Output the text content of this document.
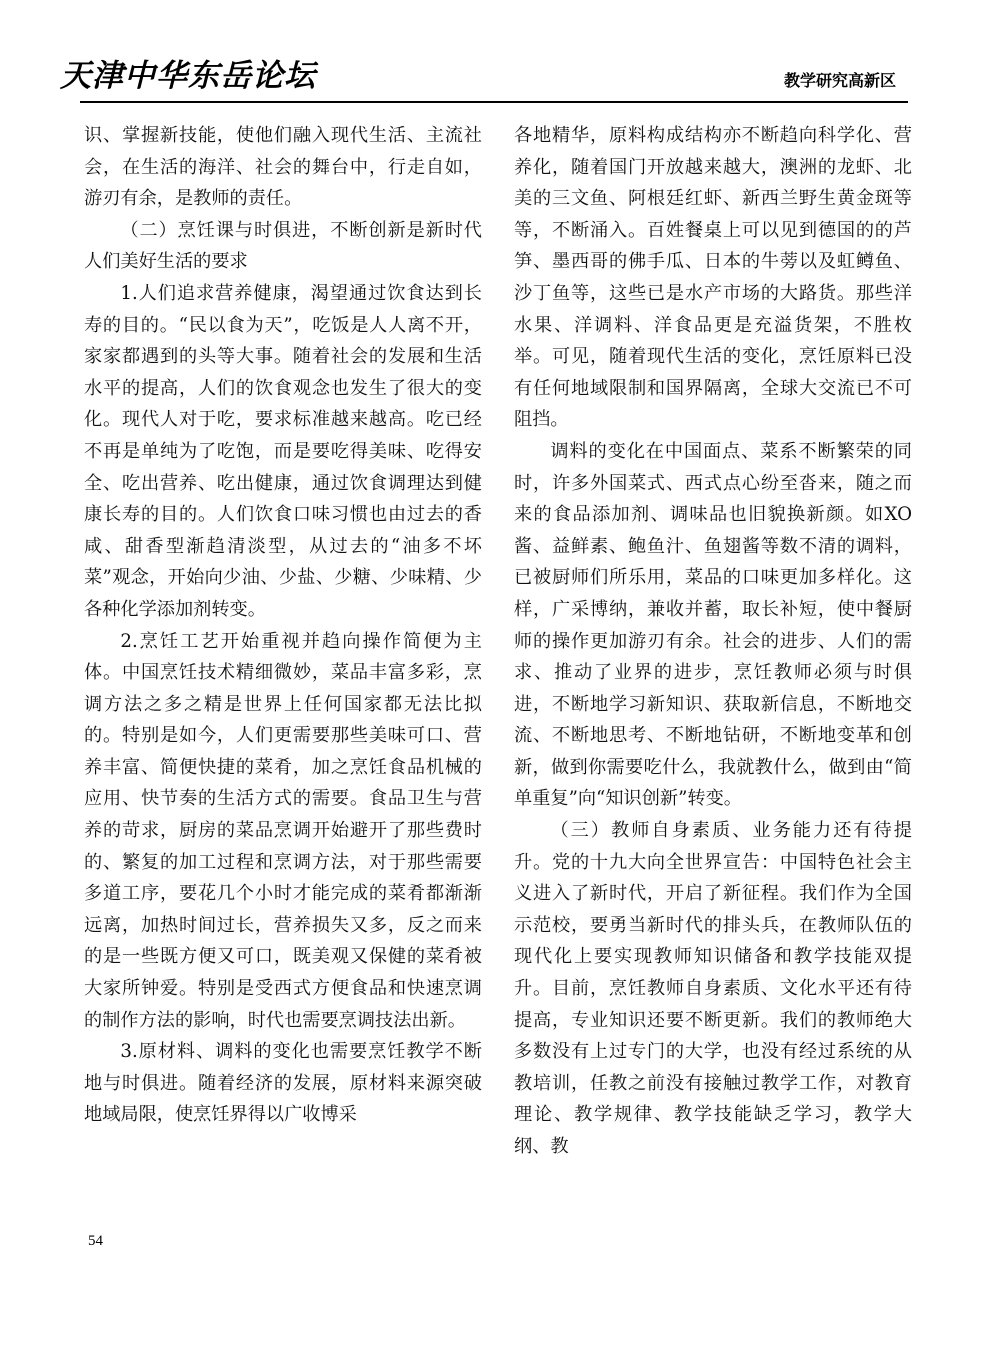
天津中华东岳论坛	教学研究高新区

识、掌握新技能，使他们融入现代生活、主流社会，在生活的海洋、社会的舞台中，行走自如，游刃有余，是教师的责任。

（二）烹饪课与时俱进，不断创新是新时代人们美好生活的要求

1.人们追求营养健康，渴望通过饮食达到长寿的目的。“民以食为天”，吃饭是人人离不开，家家都遇到的头等大事。随着社会的发展和生活水平的提高，人们的饮食观念也发生了很大的变化。现代人对于吃，要求标准越来越高。吃已经不再是单纯为了吃饱，而是要吃得美味、吃得安全、吃出营养、吃出健康，通过饮食调理达到健康长寿的目的。人们饮食口味习惯也由过去的香咸、甜香型渐趋清淡型，从过去的“油多不坏菜”观念，开始向少油、少盐、少糖、少味精、少各种化学添加剂转变。

2.烹饪工艺开始重视并趋向操作简便为主体。中国烹饪技术精细微妙，菜品丰富多彩，烹调方法之多之精是世界上任何国家都无法比拟的。特别是如今，人们更需要那些美味可口、营养丰富、简便快捷的菜肴，加之烹饪食品机械的应用、快节奏的生活方式的需要。食品卫生与营养的苛求，厨房的菜品烹调开始避开了那些费时的、繁复的加工过程和烹调方法，对于那些需要多道工序，要花几个小时才能完成的菜肴都渐渐远离，加热时间过长，营养损失又多，反之而来的是一些既方便又可口，既美观又保健的菜肴被大家所钟爱。特别是受西式方便食品和快速烹调的制作方法的影响，时代也需要烹调技法出新。

3.原材料、调料的变化也需要烹饪教学不断地与时俱进。随着经济的发展，原材料来源突破地域局限，使烹饪界得以广收博采

各地精华，原料构成结构亦不断趋向科学化、营养化，随着国门开放越来越大，澳洲的龙虾、北美的三文鱼、阿根廷红虾、新西兰野生黄金斑等等，不断涌入。百姓餐桌上可以见到德国的的芦笋、墨西哥的佛手瓜、日本的牛蒡以及虹鳟鱼、沙丁鱼等，这些已是水产市场的大路货。那些洋水果、洋调料、洋食品更是充溢货架，不胜枚举。可见，随着现代生活的变化，烹饪原料已没有任何地域限制和国界隔离，全球大交流已不可阻挡。

调料的变化在中国面点、菜系不断繁荣的同时，许多外国菜式、西式点心纷至沓来，随之而来的食品添加剂、调味品也旧貌换新颜。如XO酱、益鲜素、鲍鱼汁、鱼翅酱等数不清的调料，已被厨师们所乐用，菜品的口味更加多样化。这样，广采博纳，兼收并蓄，取长补短，使中餐厨师的操作更加游刃有余。社会的进步、人们的需求、推动了业界的进步，烹饪教师必须与时俱进，不断地学习新知识、获取新信息，不断地交流、不断地思考、不断地钻研，不断地变革和创新，做到你需要吃什么，我就教什么，做到由“简单重复”向“知识创新”转变。

（三）教师自身素质、业务能力还有待提升。党的十九大向全世界宣告：中国特色社会主义进入了新时代，开启了新征程。我们作为全国示范校，要勇当新时代的排头兵，在教师队伍的现代化上要实现教师知识储备和教学技能双提升。目前，烹饪教师自身素质、文化水平还有待提高，专业知识还要不断更新。我们的教师绝大多数没有上过专门的大学，也没有经过系统的从教培训，任教之前没有接触过教学工作，对教育理论、教学规律、教学技能缺乏学习，教学大纲、教

54
